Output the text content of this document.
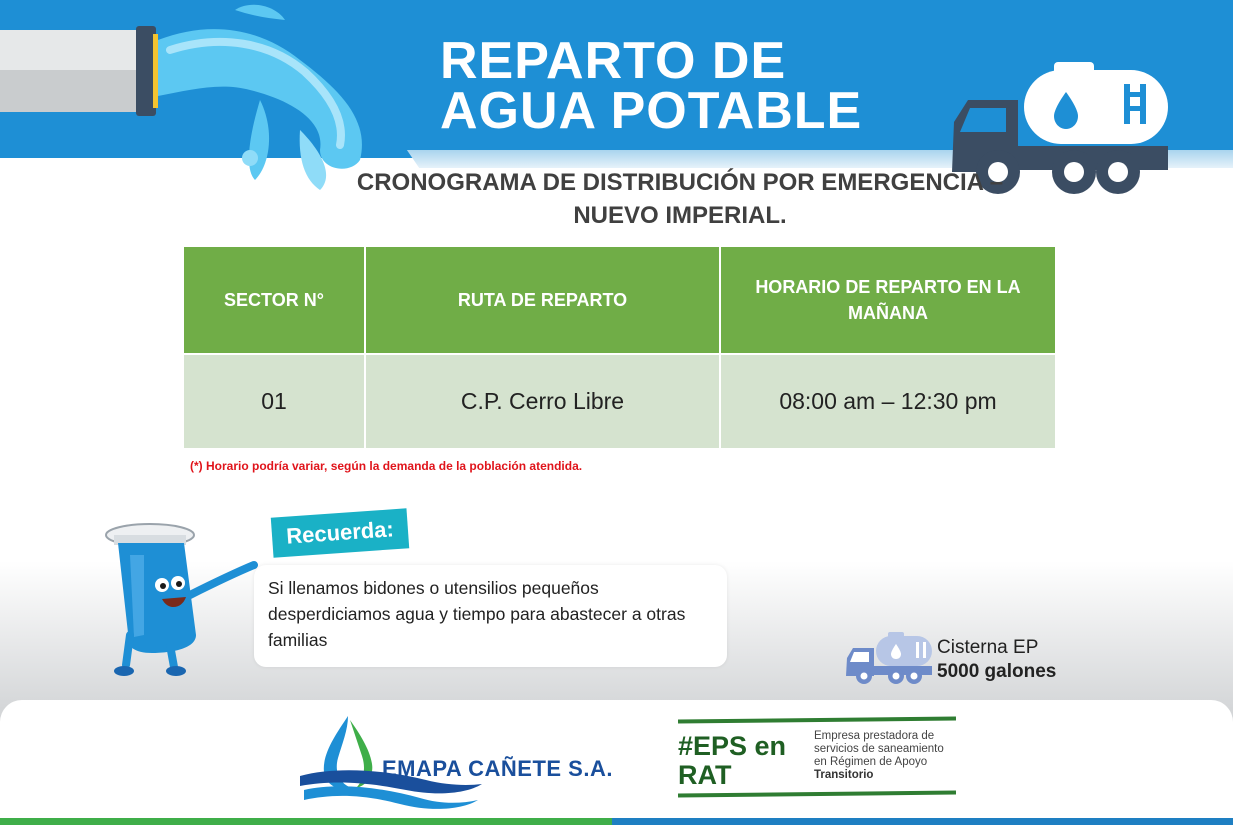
REPARTO DE
AGUA POTABLE
CRONOGRAMA DE DISTRIBUCIÓN POR EMERGENCIA –
NUEVO IMPERIAL.
SECTOR N°	RUTA DE REPARTO	HORARIO DE REPARTO EN LA MAÑANA
01	C.P. Cerro Libre	08:00 am – 12:30 pm
(*) Horario podría variar, según la demanda de la población atendida.
Recuerda:
Si llenamos bidones o utensilios pequeños desperdiciamos agua y tiempo para abastecer a otras familias	Cisterna EP
5000 galones
EMAPA CAÑETE S.A.
#EPS en
RAT
Empresa prestadora de
servicios de saneamiento
en Régimen de Apoyo
Transitorio
